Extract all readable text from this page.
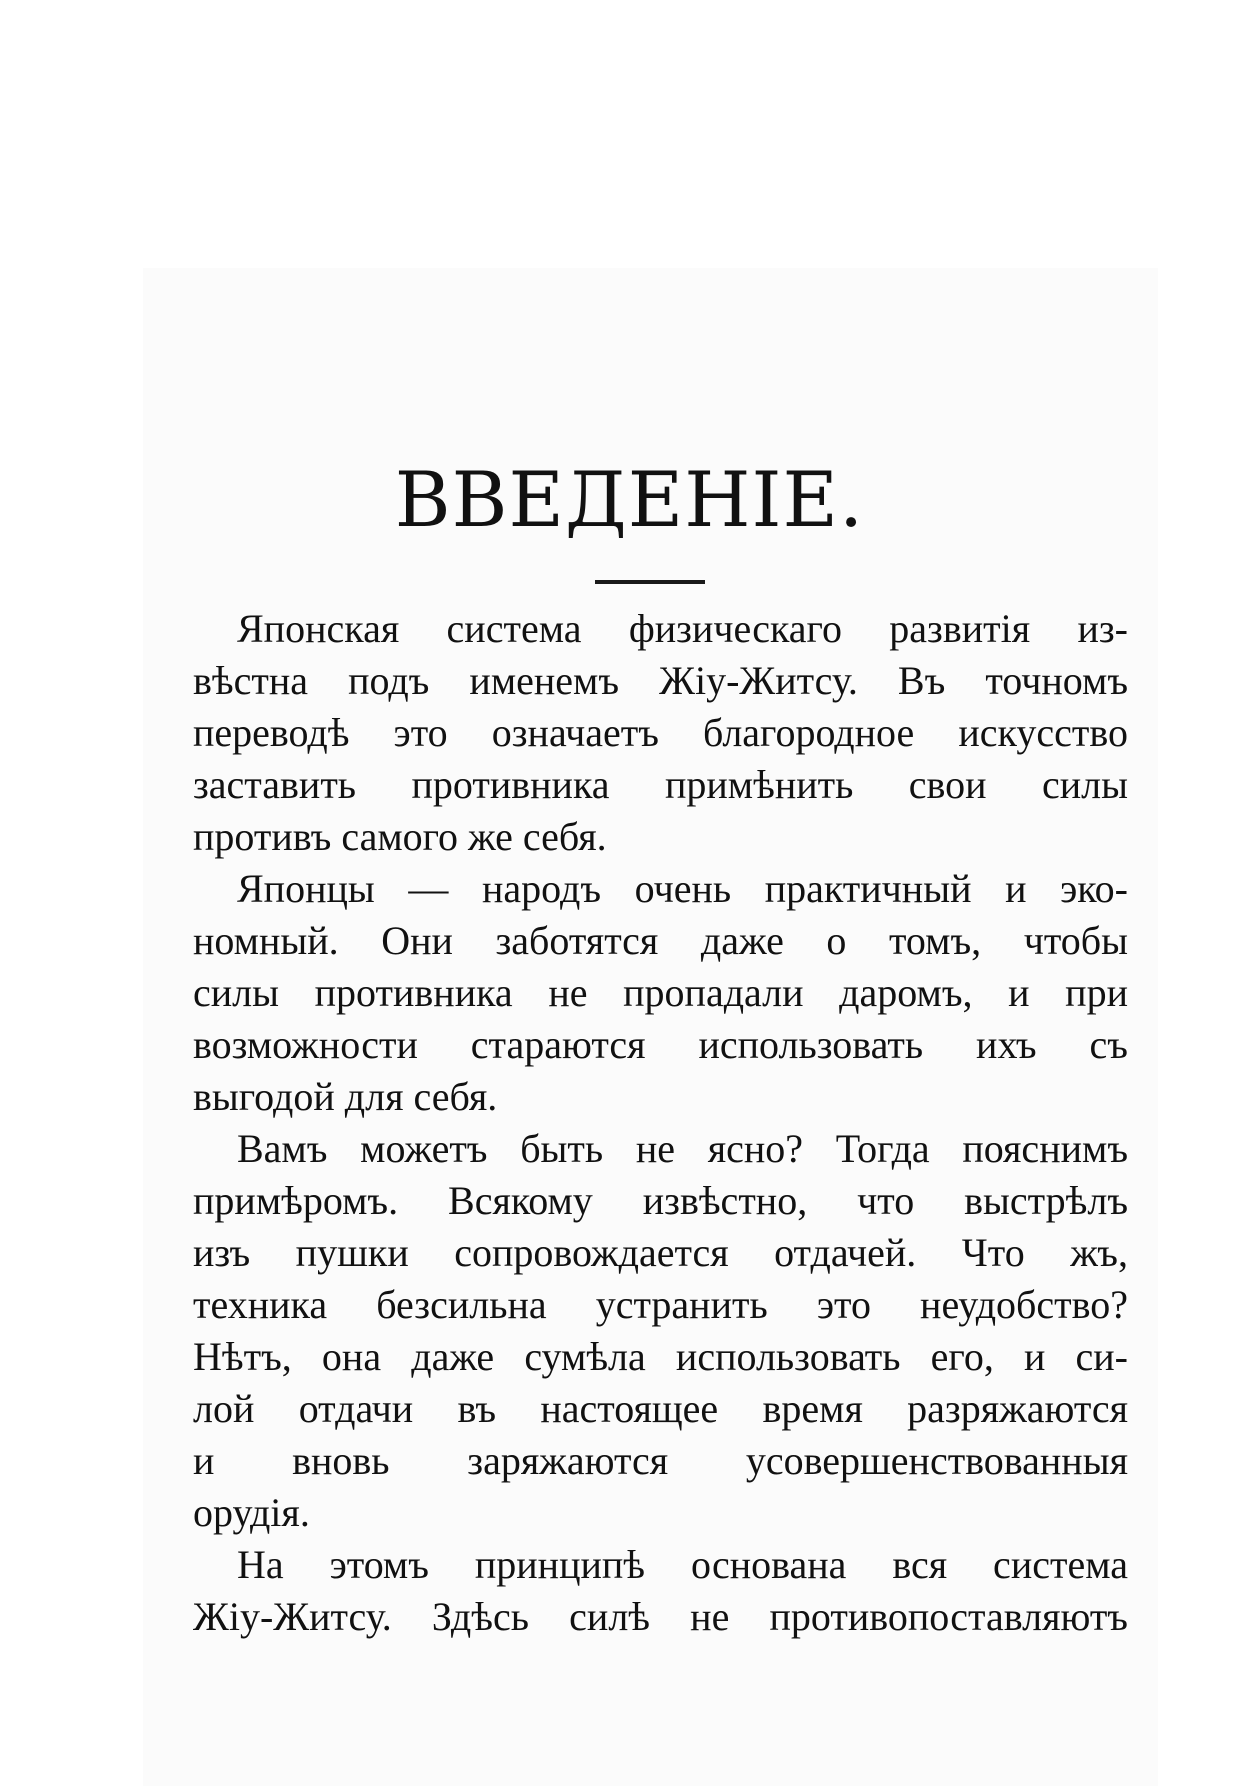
ВВЕДЕНІЕ.
Японская система физическаго развитія из-
вѣстна подъ именемъ Жіу-Житсу. Въ точномъ
переводѣ это означаетъ благородное искусство
заставить противника примѣнить свои силы
противъ самого же себя.
Японцы — народъ очень практичный и эко-
номный. Они заботятся даже о томъ, чтобы
силы противника не пропадали даромъ, и при
возможности стараются использовать ихъ съ
выгодой для себя.
Вамъ можетъ быть не ясно? Тогда пояснимъ
примѣромъ. Всякому извѣстно, что выстрѣлъ
изъ пушки сопровождается отдачей. Что жъ,
техника безсильна устранить это неудобство?
Нѣтъ, она даже сумѣла использовать его, и си-
лой отдачи въ настоящее время разряжаются
и вновь заряжаются усовершенствованныя
орудія.
На этомъ принципѣ основана вся система
Жіу-Житсу. Здѣсь силѣ не противопоставляютъ
